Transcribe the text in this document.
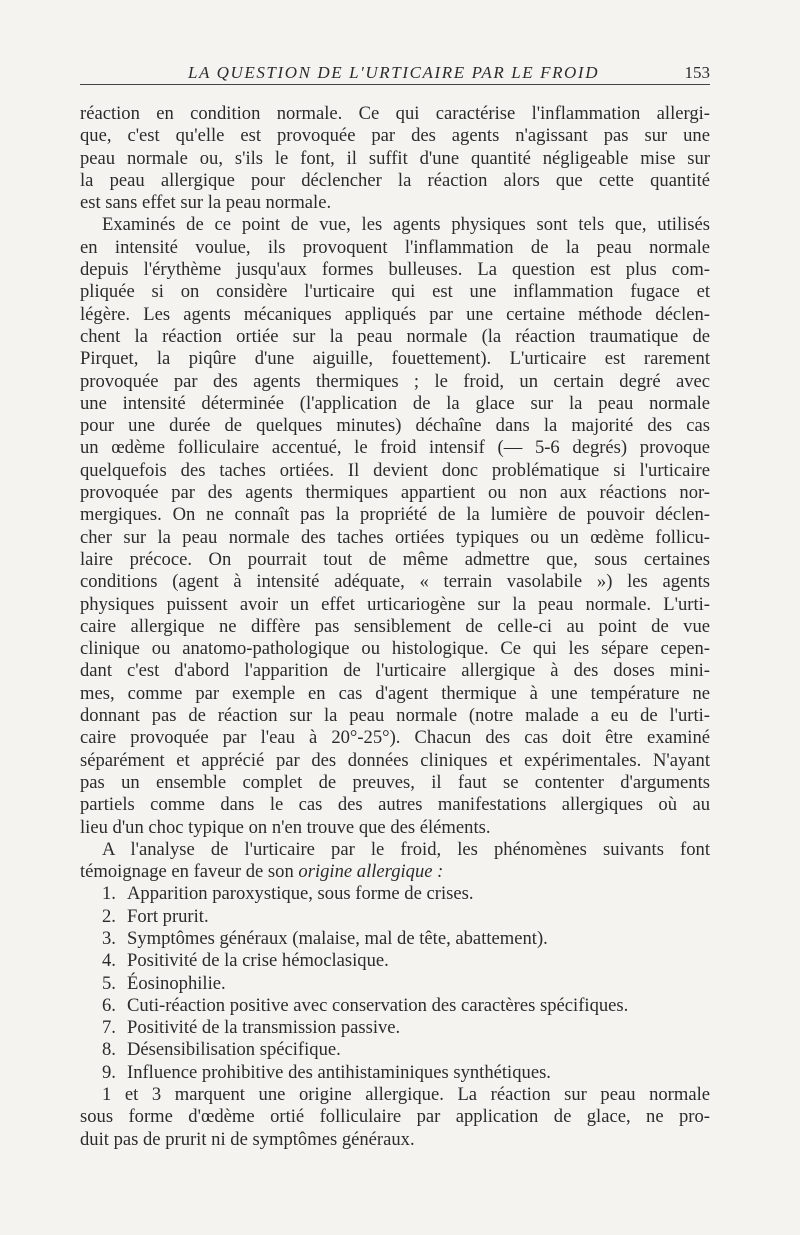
LA QUESTION DE L'URTICAIRE PAR LE FROID	153
réaction en condition normale. Ce qui caractérise l'inflammation allergi-
que, c'est qu'elle est provoquée par des agents n'agissant pas sur une
peau normale ou, s'ils le font, il suffit d'une quantité négligeable mise sur
la peau allergique pour déclencher la réaction alors que cette quantité
est sans effet sur la peau normale.
Examinés de ce point de vue, les agents physiques sont tels que, utilisés
en intensité voulue, ils provoquent l'inflammation de la peau normale
depuis l'érythème jusqu'aux formes bulleuses. La question est plus com-
pliquée si on considère l'urticaire qui est une inflammation fugace et
légère. Les agents mécaniques appliqués par une certaine méthode déclen-
chent la réaction ortiée sur la peau normale (la réaction traumatique de
Pirquet, la piqûre d'une aiguille, fouettement). L'urticaire est rarement
provoquée par des agents thermiques ; le froid, un certain degré avec
une intensité déterminée (l'application de la glace sur la peau normale
pour une durée de quelques minutes) déchaîne dans la majorité des cas
un œdème folliculaire accentué, le froid intensif (— 5-6 degrés) provoque
quelquefois des taches ortiées. Il devient donc problématique si l'urticaire
provoquée par des agents thermiques appartient ou non aux réactions nor-
mergiques. On ne connaît pas la propriété de la lumière de pouvoir déclen-
cher sur la peau normale des taches ortiées typiques ou un œdème follicu-
laire précoce. On pourrait tout de même admettre que, sous certaines
conditions (agent à intensité adéquate, « terrain vasolabile ») les agents
physiques puissent avoir un effet urticariogène sur la peau normale. L'urti-
caire allergique ne diffère pas sensiblement de celle-ci au point de vue
clinique ou anatomo-pathologique ou histologique. Ce qui les sépare cepen-
dant c'est d'abord l'apparition de l'urticaire allergique à des doses mini-
mes, comme par exemple en cas d'agent thermique à une température ne
donnant pas de réaction sur la peau normale (notre malade a eu de l'urti-
caire provoquée par l'eau à 20°-25°). Chacun des cas doit être examiné
séparément et apprécié par des données cliniques et expérimentales. N'ayant
pas un ensemble complet de preuves, il faut se contenter d'arguments
partiels comme dans le cas des autres manifestations allergiques où au
lieu d'un choc typique on n'en trouve que des éléments.
A l'analyse de l'urticaire par le froid, les phénomènes suivants font
témoignage en faveur de son origine allergique :
1. Apparition paroxystique, sous forme de crises.
2. Fort prurit.
3. Symptômes généraux (malaise, mal de tête, abattement).
4. Positivité de la crise hémoclasique.
5. Éosinophilie.
6. Cuti-réaction positive avec conservation des caractères spécifiques.
7. Positivité de la transmission passive.
8. Désensibilisation spécifique.
9. Influence prohibitive des antihistaminiques synthétiques.
1 et 3 marquent une origine allergique. La réaction sur peau normale
sous forme d'œdème ortié folliculaire par application de glace, ne pro-
duit pas de prurit ni de symptômes généraux.
